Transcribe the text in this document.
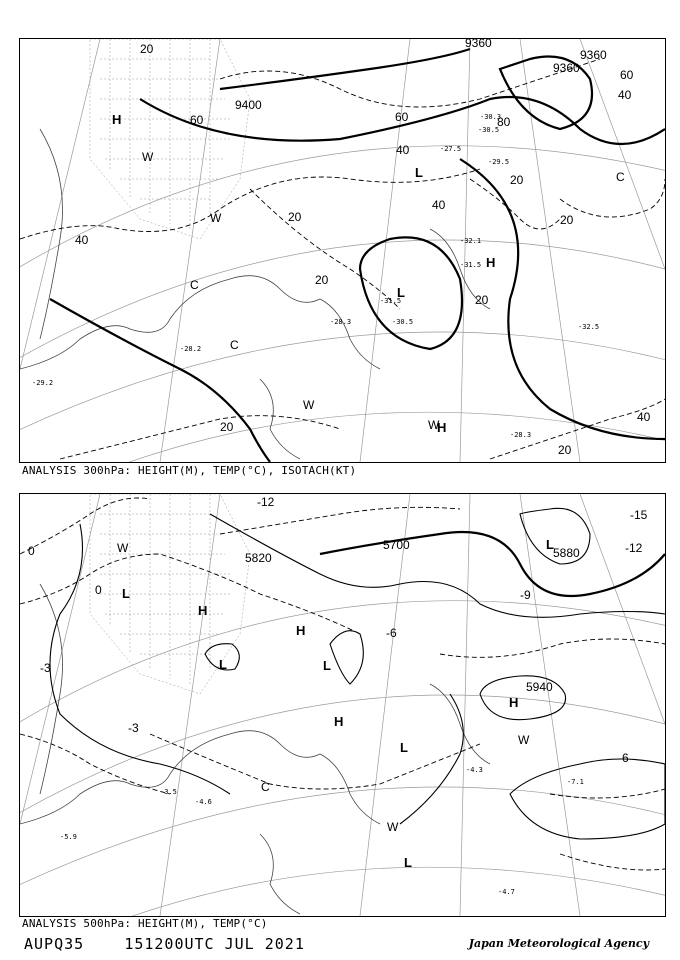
9360
9400
9360
9360
20
40
60
20
40
20
20
20
40
20
40
20
20
60	80
60
40
H
H
L
L
H
W
W
W
W
C
C
C
-30.3
-30.5
-27.5
-29.5
-31.5
-32.1
-31.5
-30.5
-32.5
-28.3
-28.3
-29.2
-28.2
ANALYSIS 300hPa: HEIGHT(M), TEMP(°C), ISOTACH(KT)
5820
5700
5880
5940
-12
-15
-12
0
0
-3
-9
-6
-6
-3	L
L
L
L
L
L
H
H
H
H
W
W
W
C
-3.5
-4.6
-5.9
-4.3
-4.7
-7.1
ANALYSIS 500hPa: HEIGHT(M), TEMP(°C)
AUPQ35	151200UTC JUL 2021	Japan Meteorological Agency
